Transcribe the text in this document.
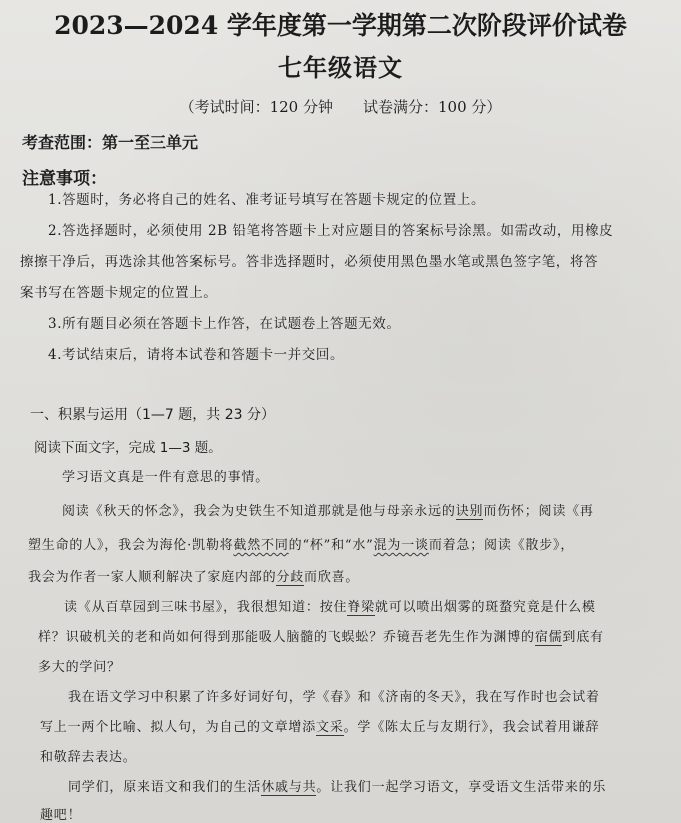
2023—2024 学年度第一学期第二次阶段评价试卷
七年级语文
（考试时间：120 分钟　　试卷满分：100 分）
考查范围：第一至三单元
注意事项：
1.答题时，务必将自己的姓名、准考证号填写在答题卡规定的位置上。
2.答选择题时，必须使用 2B 铅笔将答题卡上对应题目的答案标号涂黑。如需改动，用橡皮
擦擦干净后，再选涂其他答案标号。答非选择题时，必须使用黑色墨水笔或黑色签字笔，将答
案书写在答题卡规定的位置上。
3.所有题目必须在答题卡上作答，在试题卷上答题无效。
4.考试结束后，请将本试卷和答题卡一并交回。
一、积累与运用（1—7 题，共 23 分）
阅读下面文字，完成 1—3 题。
学习语文真是一件有意思的事情。
阅读《秋天的怀念》，我会为史铁生不知道那就是他与母亲永远的诀别而伤怀；阅读《再
塑生命的人》，我会为海伦·凯勒将截然不同的“杯”和“水”混为一谈而着急；阅读《散步》，
我会为作者一家人顺利解决了家庭内部的分歧而欣喜。
读《从百草园到三味书屋》，我很想知道：按住脊梁就可以喷出烟雾的斑蝥究竟是什么模
样？识破机关的老和尚如何得到那能吸人脑髓的飞蜈蚣？乔镜吾老先生作为渊博的宿儒到底有
多大的学问？
我在语文学习中积累了许多好词好句，学《春》和《济南的冬天》，我在写作时也会试着
写上一两个比喻、拟人句，为自己的文章增添文采。学《陈太丘与友期行》，我会试着用谦辞
和敬辞去表达。
同学们，原来语文和我们的生活休戚与共。让我们一起学习语文，享受语文生活带来的乐
趣吧！
